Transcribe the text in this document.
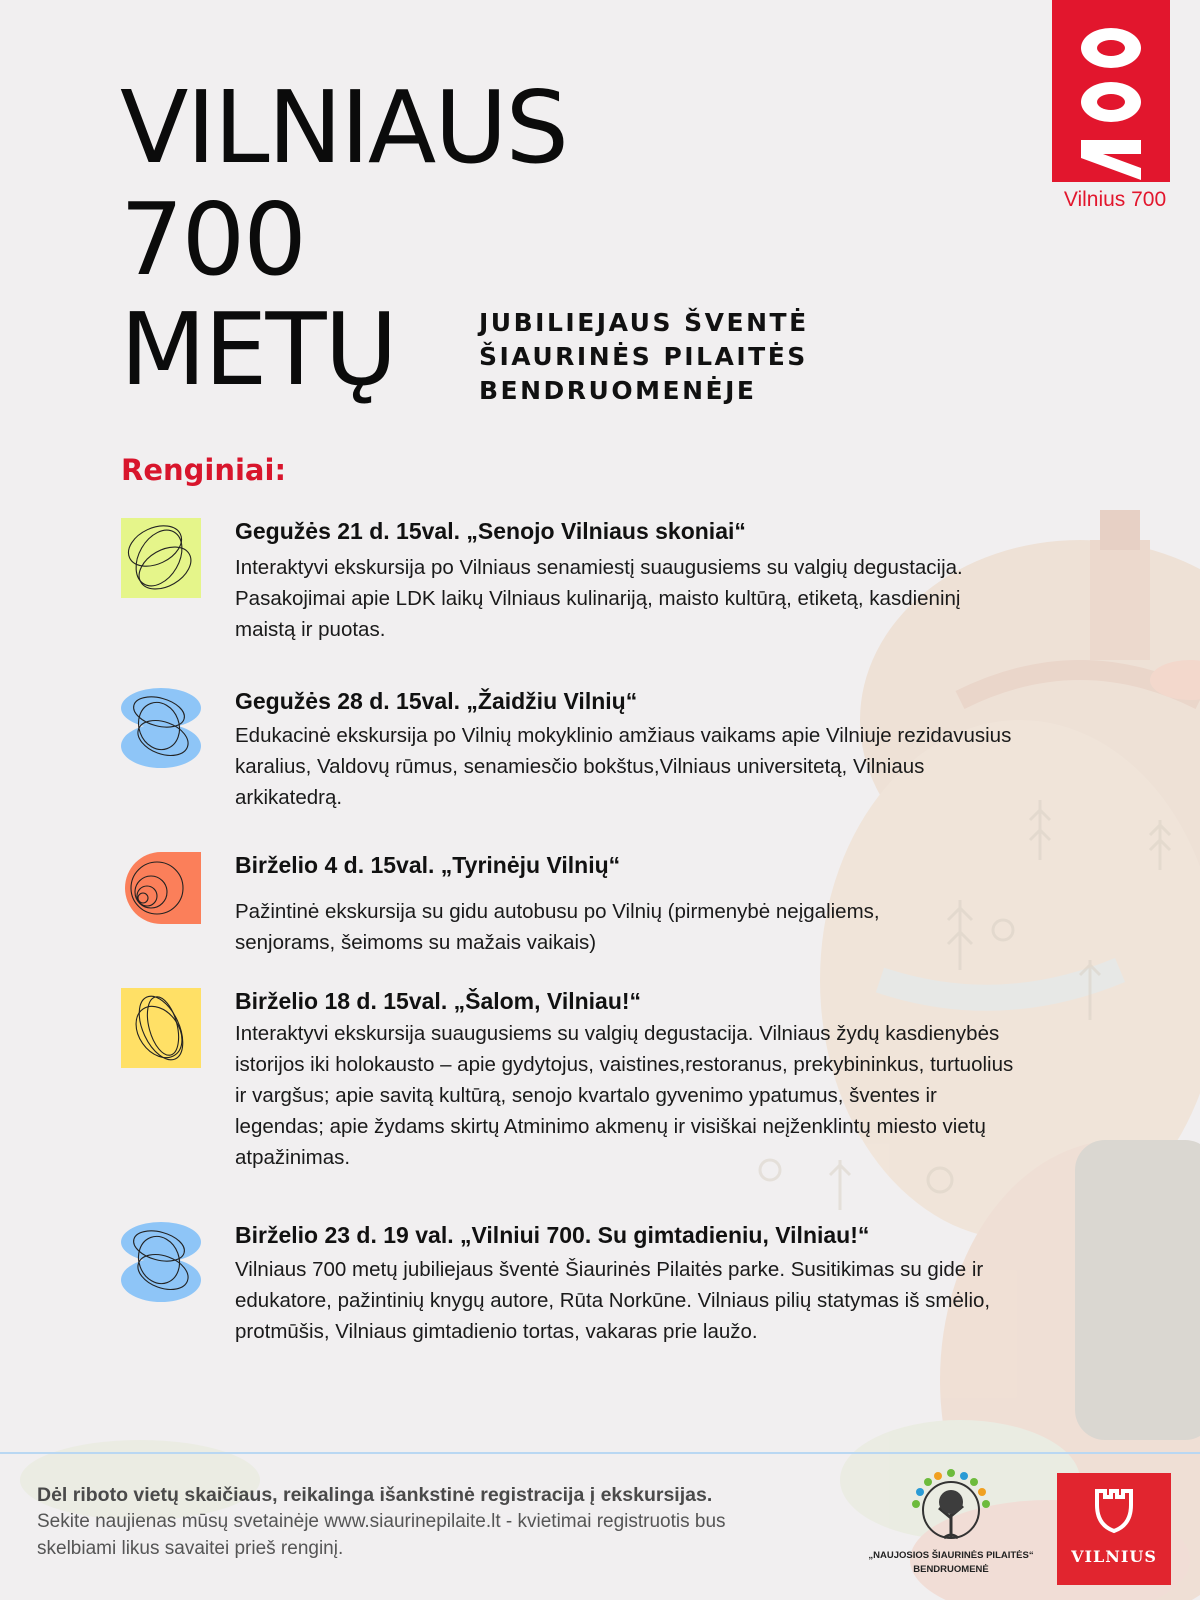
Vilnius 700
VILNIAUS
700
METŲ	JUBILIEJAUS ŠVENTĖ
ŠIAURINĖS PILAITĖS
BENDRUOMENĖJE
Renginiai:
Gegužės 21 d. 15val. „Senojo Vilniaus skoniai“
Interaktyvi ekskursija po Vilniaus senamiestį suaugusiems su valgių degustacija.
Pasakojimai apie LDK laikų Vilniaus kulinariją, maisto kultūrą, etiketą, kasdieninį
maistą ir puotas.
Gegužės 28 d. 15val. „Žaidžiu Vilnių“
Edukacinė ekskursija po Vilnių mokyklinio amžiaus vaikams apie Vilniuje rezidavusius
karalius, Valdovų rūmus, senamiesčio bokštus,Vilniaus universitetą, Vilniaus
arkikatedrą.
Birželio 4 d. 15val. „Tyrinėju Vilnių“
Pažintinė ekskursija su gidu autobusu po Vilnių (pirmenybė neįgaliems,
senjorams, šeimoms su mažais vaikais)
Birželio 18 d. 15val. „Šalom, Vilniau!“
Interaktyvi ekskursija suaugusiems su valgių degustacija. Vilniaus žydų kasdienybės
istorijos iki holokausto – apie gydytojus, vaistines,restoranus, prekybininkus, turtuolius
ir vargšus; apie savitą kultūrą, senojo kvartalo gyvenimo ypatumus, šventes ir
legendas; apie žydams skirtų Atminimo akmenų ir visiškai neįženklintų miesto vietų
atpažinimas.
Birželio 23 d. 19 val. „Vilniui 700. Su gimtadieniu, Vilniau!“
Vilniaus 700 metų jubiliejaus šventė Šiaurinės Pilaitės parke. Susitikimas su gide ir
edukatore, pažintinių knygų autore, Rūta Norkūne. Vilniaus pilių statymas iš smėlio,
protmūšis, Vilniaus gimtadienio tortas, vakaras prie laužo.
Dėl riboto vietų skaičiaus, reikalinga išankstinė registracija į ekskursijas.
Sekite naujienas mūsų svetainėje www.siaurinepilaite.lt - kvietimai registruotis bus
skelbiami likus savaitei prieš renginį.	„NAUJOSIOS ŠIAURINĖS PILAITĖS“
BENDRUOMENĖ
VILNIUS
